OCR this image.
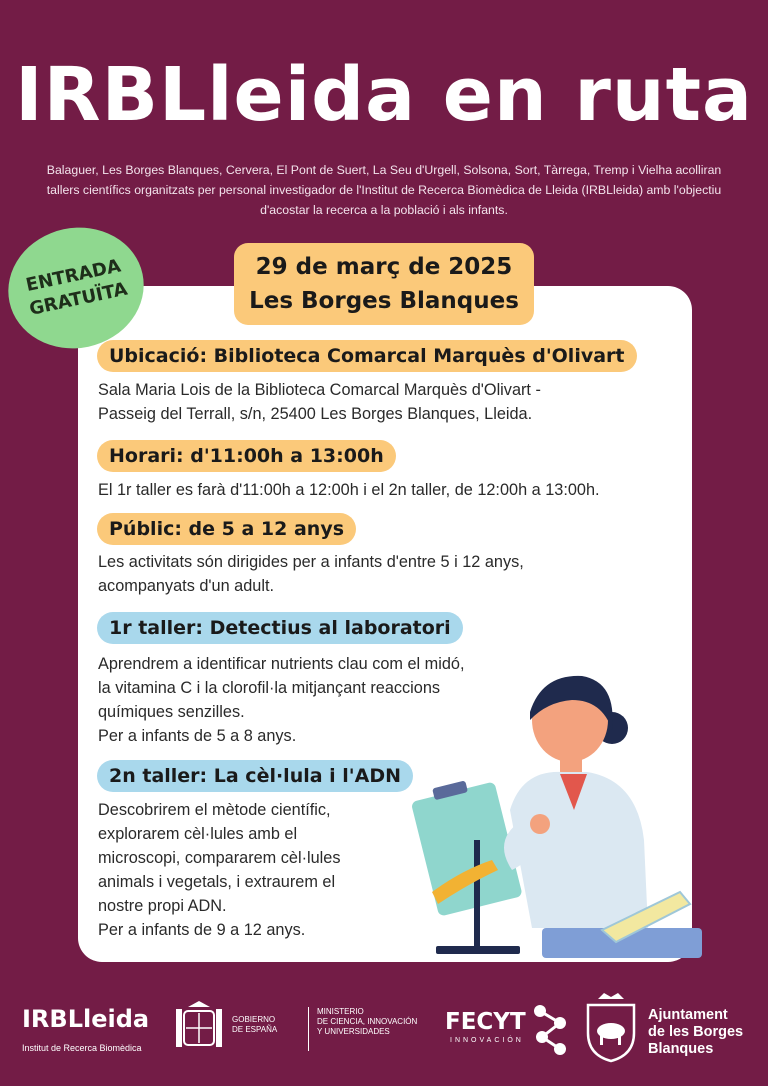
IRBLleida en ruta

Balaguer, Les Borges Blanques, Cervera, El Pont de Suert, La Seu d'Urgell, Solsona, Sort, Tàrrega, Tremp i Vielha acolliran tallers científics organitzats per personal investigador de l'Institut de Recerca Biomèdica de Lleida (IRBLleida) amb l'objectiu d'acostar la recerca a la població i als infants.

ENTRADA
GRATUÏTA
29 de març de 2025
Les Borges Blanques
Ubicació: Biblioteca Comarcal Marquès d'Olivart
Sala Maria Lois de la Biblioteca Comarcal Marquès d'Olivart -
Passeig del Terrall, s/n, 25400 Les Borges Blanques, Lleida.
Horari: d'11:00h a 13:00h
El 1r taller es farà d'11:00h a 12:00h i el 2n taller, de 12:00h a 13:00h.
Públic: de 5 a 12 anys
Les activitats són dirigides per a infants d'entre 5 i 12 anys,
acompanyats d'un adult.
1r taller: Detectius al laboratori
Aprendrem a identificar nutrients clau com el midó,
la vitamina C i la clorofil·la mitjançant reaccions
químiques senzilles.
Per a infants de 5 a 8 anys.
2n taller: La cèl·lula i l'ADN
Descobrirem el mètode científic,
explorarem cèl·lules amb el
microscopi, compararem cèl·lules
animals i vegetals, i extraurem el
nostre propi ADN.
Per a infants de 9 a 12 anys.
IRBLleida
Institut de Recerca Biomèdica
GOBIERNO
DE ESPAÑA
MINISTERIO
DE CIENCIA, INNOVACIÓN
Y UNIVERSIDADES	FECYT
INNOVACIÓN
Ajuntament
de les Borges
Blanques
